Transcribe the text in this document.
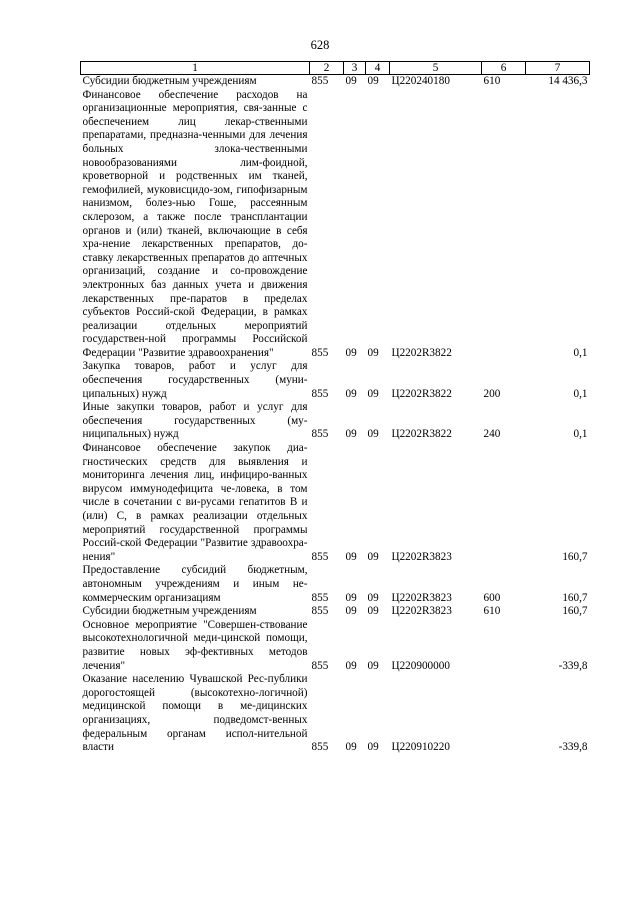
628
1	2	3	4	5	6	7
Субсидии бюджетным учреждениям	855	09	09	Ц220240180	610	14 436,3
Финансовое обеспечение расходов на организационные мероприятия, свя-занные с обеспечением лиц лекар-ственными препаратами, предназна-ченными для лечения больных злока-чественными новообразованиями лим-фоидной, кроветворной и родственных им тканей, гемофилией, муковисцидо-зом, гипофизарным нанизмом, болез-нью Гоше, рассеянным склерозом, а также после трансплантации органов и (или) тканей, включающие в себя хра-нение лекарственных препаратов, до-ставку лекарственных препаратов до аптечных организаций, создание и со-провождение электронных баз данных учета и движения лекарственных пре-паратов в пределах субъектов Россий-ской Федерации, в рамках реализации отдельных мероприятий государствен-ной программы Российской Федерации "Развитие здравоохранения"	855	09	09	Ц2202R3822		0,1
Закупка товаров, работ и услуг для обеспечения государственных (муни-ципальных) нужд	855	09	09	Ц2202R3822	200	0,1
Иные закупки товаров, работ и услуг для обеспечения государственных (му-ниципальных) нужд	855	09	09	Ц2202R3822	240	0,1
Финансовое обеспечение закупок диа-гностических средств для выявления и мониторинга лечения лиц, инфициро-ванных вирусом иммунодефицита че-ловека, в том числе в сочетании с ви-русами гепатитов B и (или) C, в рамках реализации отдельных мероприятий государственной программы Россий-ской Федерации "Развитие здравоохра-нения"	855	09	09	Ц2202R3823		160,7
Предоставление субсидий бюджетным, автономным учреждениям и иным не-коммерческим организациям	855	09	09	Ц2202R3823	600	160,7
Субсидии бюджетным учреждениям	855	09	09	Ц2202R3823	610	160,7
Основное мероприятие "Совершен-ствование высокотехнологичной меди-цинской помощи, развитие новых эф-фективных методов лечения"	855	09	09	Ц220900000		-339,8
Оказание населению Чувашской Рес-публики дорогостоящей (высокотехно-логичной) медицинской помощи в ме-дицинских организациях, подведомст-венных федеральным органам испол-нительной власти	855	09	09	Ц220910220		-339,8
